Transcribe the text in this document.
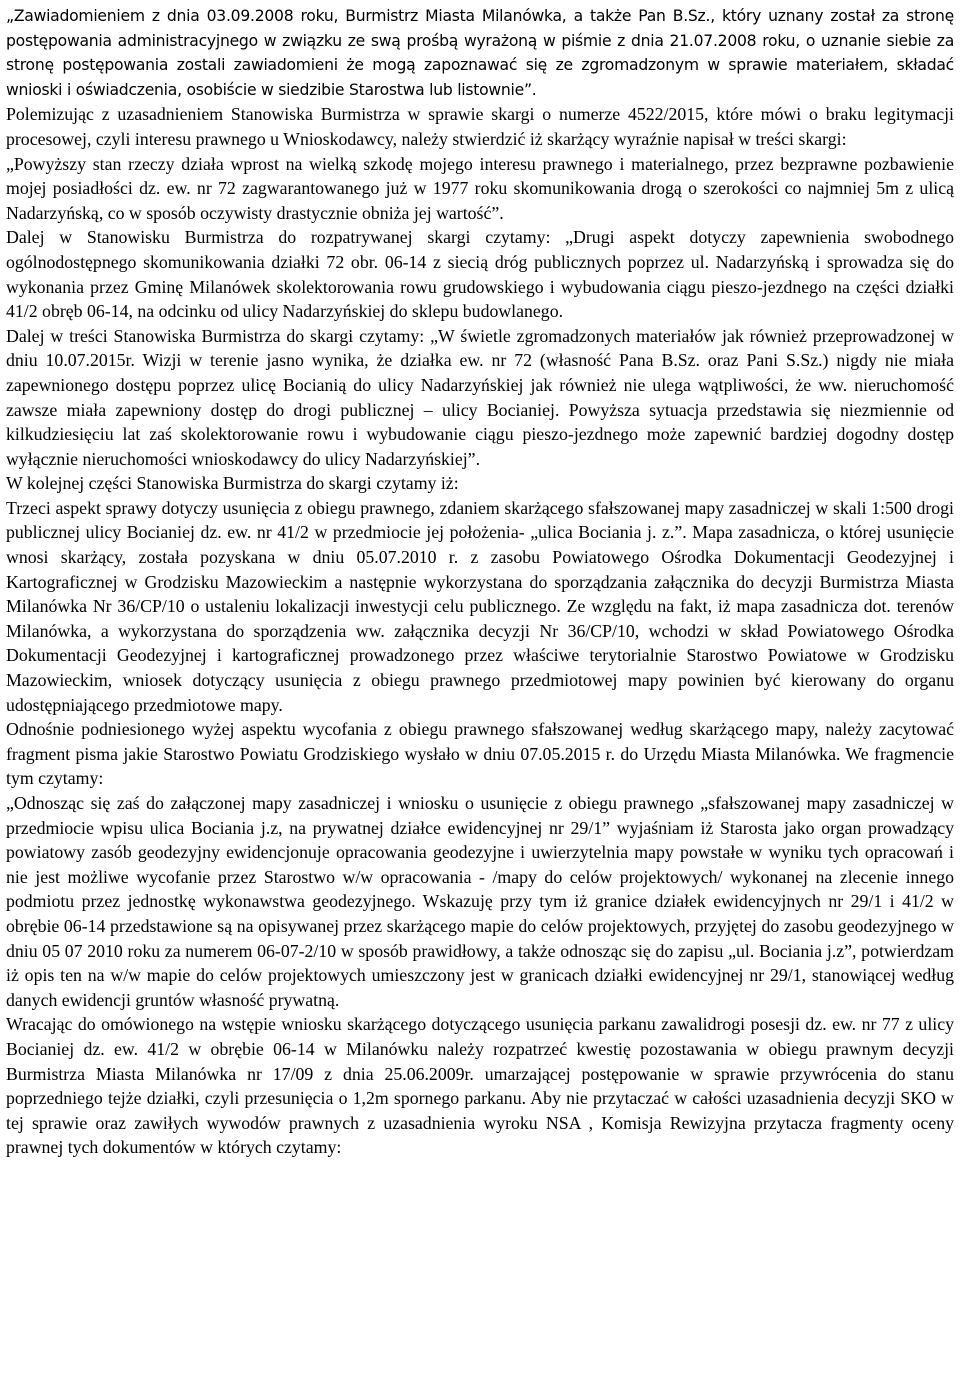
„Zawiadomieniem z dnia 03.09.2008 roku, Burmistrz Miasta Milanówka, a także Pan B.Sz., który uznany został za stronę postępowania administracyjnego w związku ze swą prośbą wyrażoną w piśmie z dnia 21.07.2008 roku, o uznanie siebie za stronę postępowania zostali zawiadomieni że mogą zapoznawać się ze zgromadzonym w sprawie materiałem, składać wnioski i oświadczenia, osobiście w siedzibie Starostwa lub listownie”.

Polemizując z uzasadnieniem Stanowiska Burmistrza w sprawie skargi o numerze 4522/2015, które mówi o braku legitymacji procesowej, czyli interesu prawnego u Wnioskodawcy, należy stwierdzić iż skarżący wyraźnie napisał w treści skargi:

„Powyższy stan rzeczy działa wprost na wielką szkodę mojego interesu prawnego i materialnego, przez bezprawne pozbawienie mojej posiadłości dz. ew. nr 72 zagwarantowanego już w 1977 roku skomunikowania drogą o szerokości co najmniej 5m z ulicą Nadarzyńską, co w sposób oczywisty drastycznie obniża jej wartość”.

Dalej w Stanowisku Burmistrza do rozpatrywanej skargi czytamy: „Drugi aspekt dotyczy zapewnienia swobodnego ogólnodostępnego skomunikowania działki 72 obr. 06-14 z siecią dróg publicznych poprzez ul. Nadarzyńską i sprowadza się do wykonania przez Gminę Milanówek skolektorowania rowu grudowskiego i wybudowania ciągu pieszo-jezdnego na części działki 41/2 obręb 06-14, na odcinku od ulicy Nadarzyńskiej do sklepu budowlanego.

Dalej w treści Stanowiska Burmistrza do skargi czytamy: „W świetle zgromadzonych materiałów jak również przeprowadzonej w dniu 10.07.2015r. Wizji w terenie jasno wynika, że działka ew. nr 72 (własność Pana B.Sz. oraz Pani S.Sz.) nigdy nie miała zapewnionego dostępu poprzez ulicę Bocianią do ulicy Nadarzyńskiej jak również nie ulega wątpliwości, że ww. nieruchomość zawsze miała zapewniony dostęp do drogi publicznej – ulicy Bocianiej. Powyższa sytuacja przedstawia się niezmiennie od kilkudziesięciu lat zaś skolektorowanie rowu i wybudowanie ciągu pieszo-jezdnego może zapewnić bardziej dogodny dostęp wyłącznie nieruchomości wnioskodawcy do ulicy Nadarzyńskiej”.

W kolejnej części Stanowiska Burmistrza do skargi czytamy iż:

Trzeci aspekt sprawy dotyczy usunięcia z obiegu prawnego, zdaniem skarżącego sfałszowanej mapy zasadniczej w skali 1:500 drogi publicznej ulicy Bocianiej dz. ew. nr 41/2 w przedmiocie jej położenia- „ulica Bociania j. z.”. Mapa zasadnicza, o której usunięcie wnosi skarżący, została pozyskana w dniu 05.07.2010 r. z zasobu Powiatowego Ośrodka Dokumentacji Geodezyjnej i Kartograficznej w Grodzisku Mazowieckim a następnie wykorzystana do sporządzania załącznika do decyzji Burmistrza Miasta Milanówka Nr 36/CP/10 o ustaleniu lokalizacji inwestycji celu publicznego. Ze względu na fakt, iż mapa zasadnicza dot. terenów Milanówka, a wykorzystana do sporządzenia ww. załącznika decyzji Nr 36/CP/10, wchodzi w skład Powiatowego Ośrodka Dokumentacji Geodezyjnej i kartograficznej prowadzonego przez właściwe terytorialnie Starostwo Powiatowe w Grodzisku Mazowieckim, wniosek dotyczący usunięcia z obiegu prawnego przedmiotowej mapy powinien być kierowany do organu udostępniającego przedmiotowe mapy.

Odnośnie podniesionego wyżej aspektu wycofania z obiegu prawnego sfałszowanej według skarżącego mapy, należy zacytować fragment pisma jakie Starostwo Powiatu Grodziskiego wysłało w dniu 07.05.2015 r. do Urzędu Miasta Milanówka. We fragmencie tym czytamy:

„Odnosząc się zaś do załączonej mapy zasadniczej i wniosku o usunięcie z obiegu prawnego „sfałszowanej mapy zasadniczej w przedmiocie wpisu ulica Bociania j.z, na prywatnej działce ewidencyjnej nr 29/1” wyjaśniam iż Starosta jako organ prowadzący powiatowy zasób geodezyjny ewidencjonuje opracowania geodezyjne i uwierzytelnia mapy powstałe w wyniku tych opracowań i nie jest możliwe wycofanie przez Starostwo w/w opracowania - /mapy do celów projektowych/ wykonanej na zlecenie innego podmiotu przez jednostkę wykonawstwa geodezyjnego. Wskazuję przy tym iż granice działek ewidencyjnych nr 29/1 i 41/2 w obrębie 06-14 przedstawione są na opisywanej przez skarżącego mapie do celów projektowych, przyjętej do zasobu geodezyjnego w dniu 05 07 2010 roku za numerem 06-07-2/10 w sposób prawidłowy, a także odnosząc się do zapisu „ul. Bociania j.z”, potwierdzam iż opis ten na w/w mapie do celów projektowych umieszczony jest w granicach działki ewidencyjnej nr 29/1, stanowiącej według danych ewidencji gruntów własność prywatną.

Wracając do omówionego na wstępie wniosku skarżącego dotyczącego usunięcia parkanu zawalidrogi posesji dz. ew. nr 77 z ulicy Bocianiej dz. ew. 41/2 w obrębie 06-14 w Milanówku należy rozpatrzeć kwestię pozostawania w obiegu prawnym decyzji Burmistrza Miasta Milanówka nr 17/09 z dnia 25.06.2009r. umarzającej postępowanie w sprawie przywrócenia do stanu poprzedniego tejże działki, czyli przesunięcia o 1,2m spornego parkanu. Aby nie przytaczać w całości uzasadnienia decyzji SKO w tej sprawie oraz zawiłych wywodów prawnych z uzasadnienia wyroku NSA , Komisja Rewizyjna przytacza fragmenty oceny prawnej tych dokumentów w których czytamy:
